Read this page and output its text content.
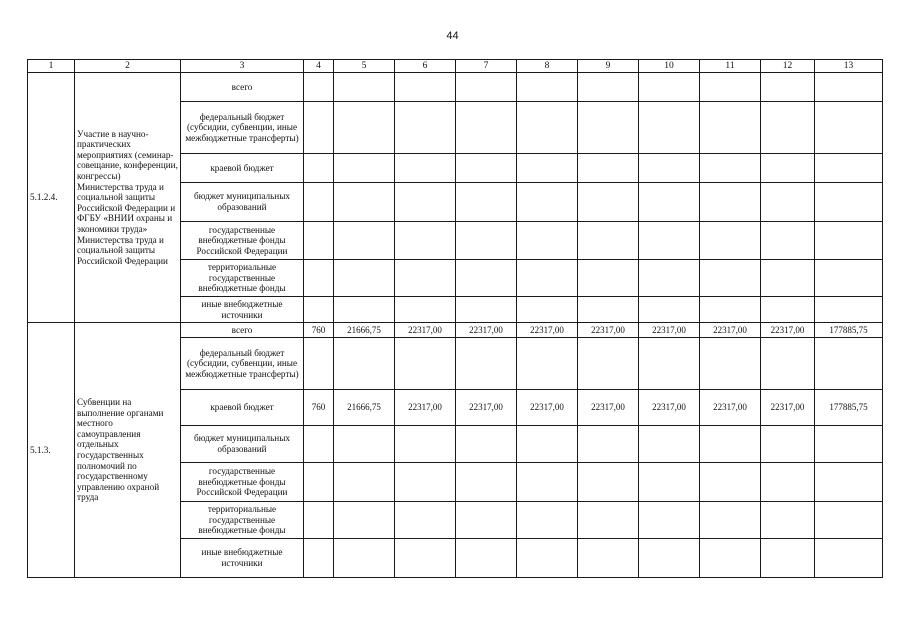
44
1	2	3	4	5	6	7	8	9	10	11	12	13
5.1.2.4.	Участие в научно-практических мероприятиях (семинар-совещание, конференции, конгрессы) Министерства труда и социальной защиты Российской Федерации и ФГБУ «ВНИИ охраны и экономики труда» Министерства труда и социальной защиты Российской Федерации	всего										
		федеральный бюджет (субсидии, субвенции, иные межбюджетные трансферты)										
		краевой бюджет										
		бюджет муниципальных образований										
		государственные внебюджетные фонды Российской Федерации										
		территориальные государственные внебюджетные фонды										
		иные внебюджетные источники										
5.1.3.	Субвенции на выполнение органами местного самоуправления отдельных государственных полномочий по государственному управлению охраной труда	всего	760	21666,75	22317,00	22317,00	22317,00	22317,00	22317,00	22317,00	22317,00	177885,75
		федеральный бюджет (субсидии, субвенции, иные межбюджетные трансферты)										
		краевой бюджет	760	21666,75	22317,00	22317,00	22317,00	22317,00	22317,00	22317,00	22317,00	177885,75
		бюджет муниципальных образований										
		государственные внебюджетные фонды Российской Федерации										
		территориальные государственные внебюджетные фонды										
		иные внебюджетные источники										
